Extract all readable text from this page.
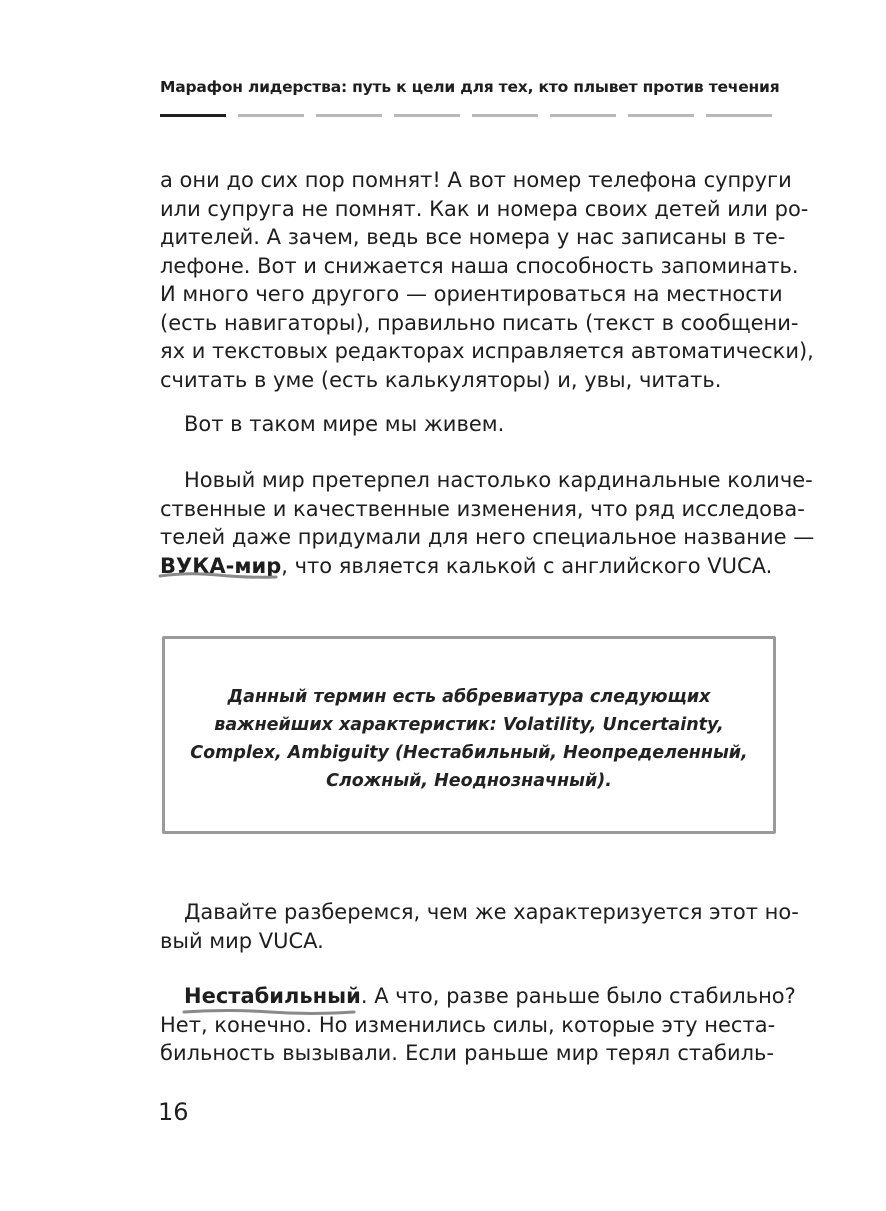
Марафон лидерства: путь к цели для тех, кто плывет против течения
а они до сих пор помнят! А вот номер телефона супруги
или супруга не помнят. Как и номера своих детей или ро-
дителей. А зачем, ведь все номера у нас записаны в те-
лефоне. Вот и снижается наша способность запоминать.
И много чего другого — ориентироваться на местности
(есть навигаторы), правильно писать (текст в сообщени-
ях и текстовых редакторах исправляется автоматически),
считать в уме (есть калькуляторы) и, увы, читать.
Вот в таком мире мы живем.
Новый мир претерпел настолько кардинальные количе-
ственные и качественные изменения, что ряд исследова-
телей даже придумали для него специальное название —
ВУКА-мир, что является калькой с английского VUCA.
Данный термин есть аббревиатура следующих
важнейших характеристик: Volatility, Uncertainty,
Complex, Ambiguity (Нестабильный, Неопределенный,
Сложный, Неоднозначный).
Давайте разберемся, чем же характеризуется этот но-
вый мир VUCA.
Нестабильный. А что, разве раньше было стабильно?
Нет, конечно. Но изменились силы, которые эту неста-
бильность вызывали. Если раньше мир терял стабиль-
16
